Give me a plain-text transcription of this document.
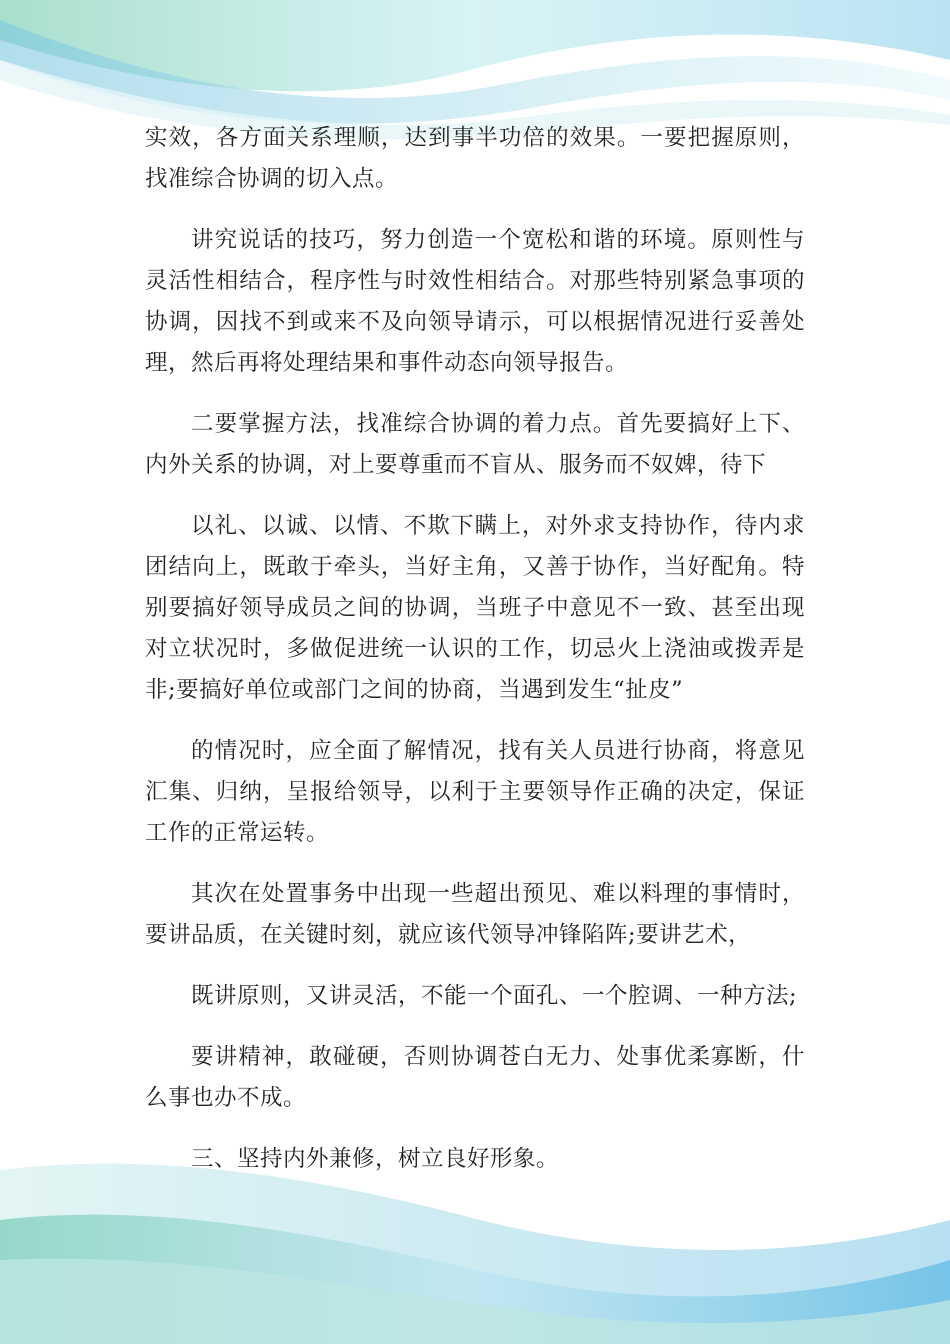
实效，各方面关系理顺，达到事半功倍的效果。一要把握原则，找准综合协调的切入点。

讲究说话的技巧，努力创造一个宽松和谐的环境。原则性与灵活性相结合，程序性与时效性相结合。对那些特别紧急事项的协调，因找不到或来不及向领导请示，可以根据情况进行妥善处理，然后再将处理结果和事件动态向领导报告。

二要掌握方法，找准综合协调的着力点。首先要搞好上下、内外关系的协调，对上要尊重而不盲从、服务而不奴婢，待下

以礼、以诚、以情、不欺下瞒上，对外求支持协作，待内求团结向上，既敢于牵头，当好主角，又善于协作，当好配角。特别要搞好领导成员之间的协调，当班子中意见不一致、甚至出现对立状况时，多做促进统一认识的工作，切忌火上浇油或拨弄是非;要搞好单位或部门之间的协商，当遇到发生“扯皮”

的情况时，应全面了解情况，找有关人员进行协商，将意见汇集、归纳，呈报给领导，以利于主要领导作正确的决定，保证工作的正常运转。

其次在处置事务中出现一些超出预见、难以料理的事情时，要讲品质，在关键时刻，就应该代领导冲锋陷阵;要讲艺术，

既讲原则，又讲灵活，不能一个面孔、一个腔调、一种方法;

要讲精神，敢碰硬，否则协调苍白无力、处事优柔寡断，什么事也办不成。

三、坚持内外兼修，树立良好形象。
